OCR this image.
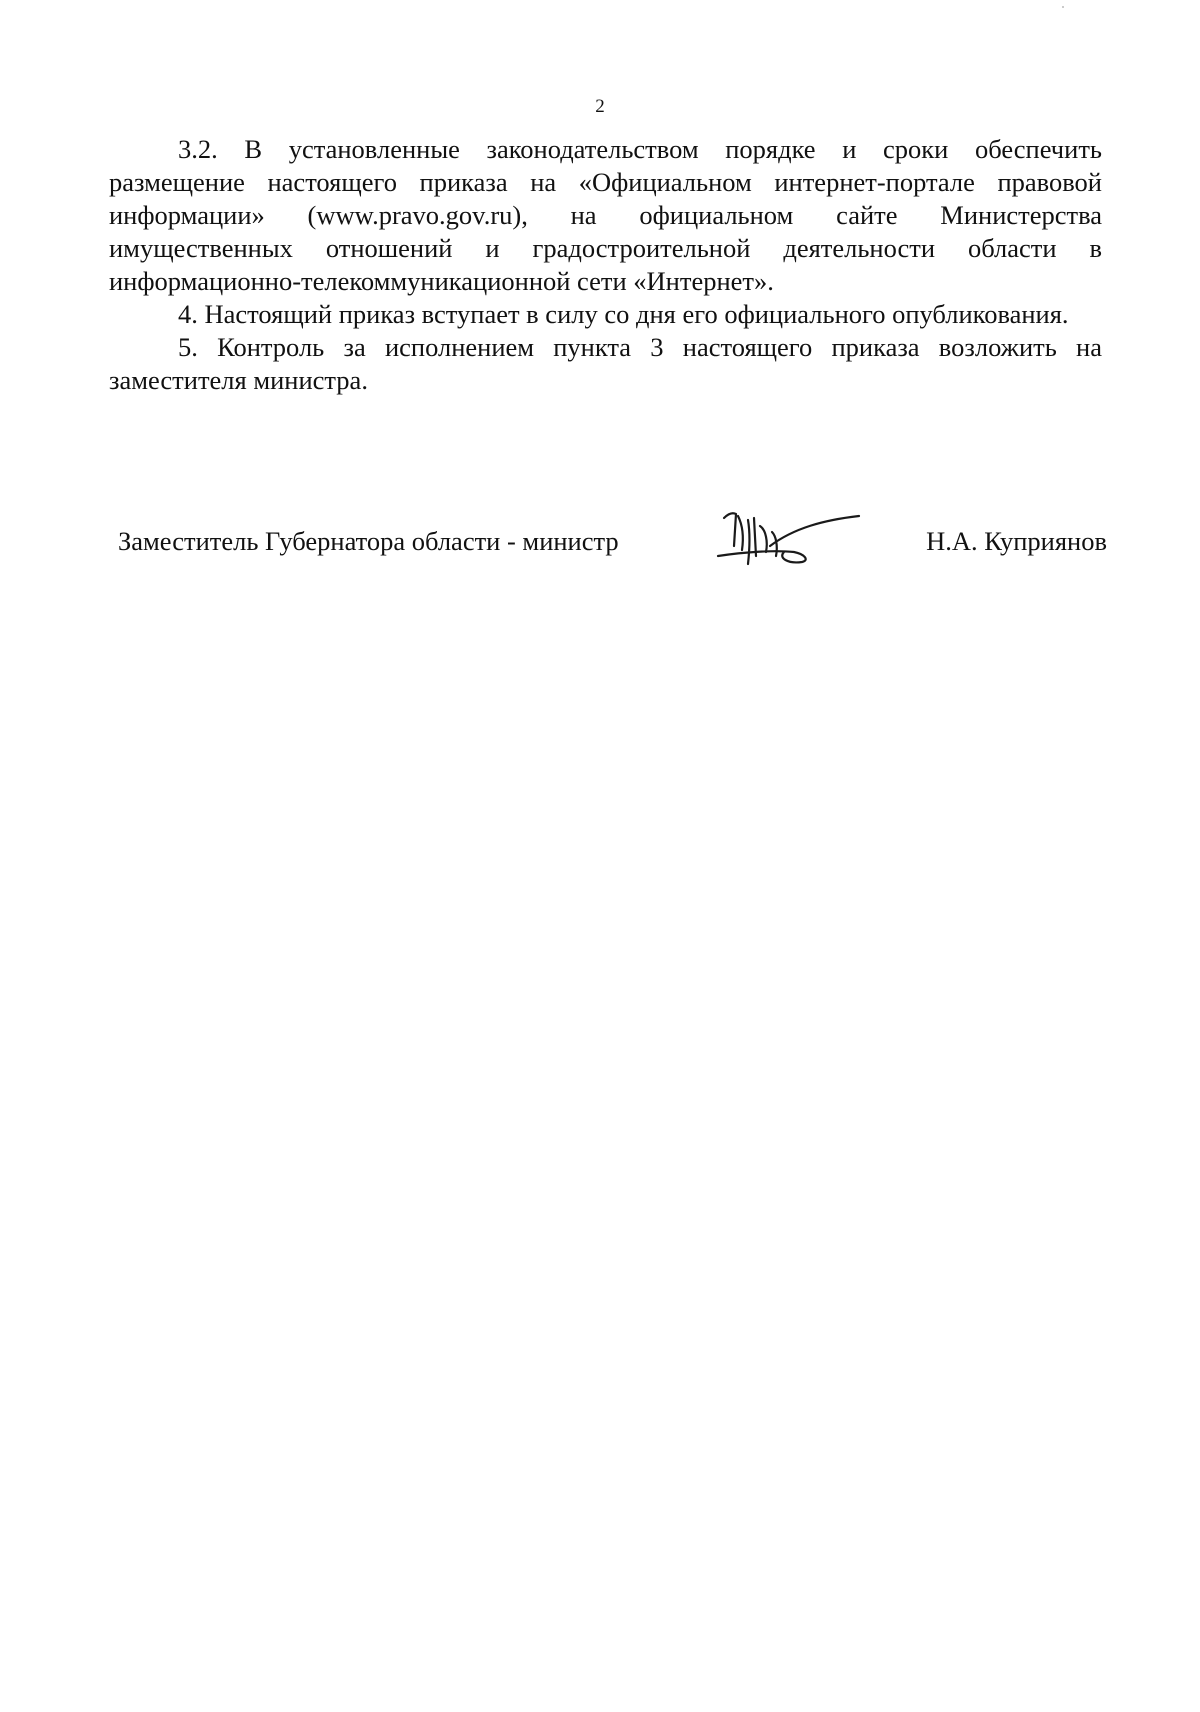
2

3.2. В установленные законодательством порядке и сроки обеспечить размещение настоящего приказа на «Официальном интернет-портале правовой информации» (www.pravo.gov.ru), на официальном сайте Министерства имущественных отношений и градостроительной деятельности области в информационно-телекоммуникационной сети «Интернет».

4. Настоящий приказ вступает в силу со дня его официального опубликования.

5. Контроль за исполнением пункта 3 настоящего приказа возложить на заместителя министра.

Заместитель Губернатора области - министр	Н.А. Куприянов
